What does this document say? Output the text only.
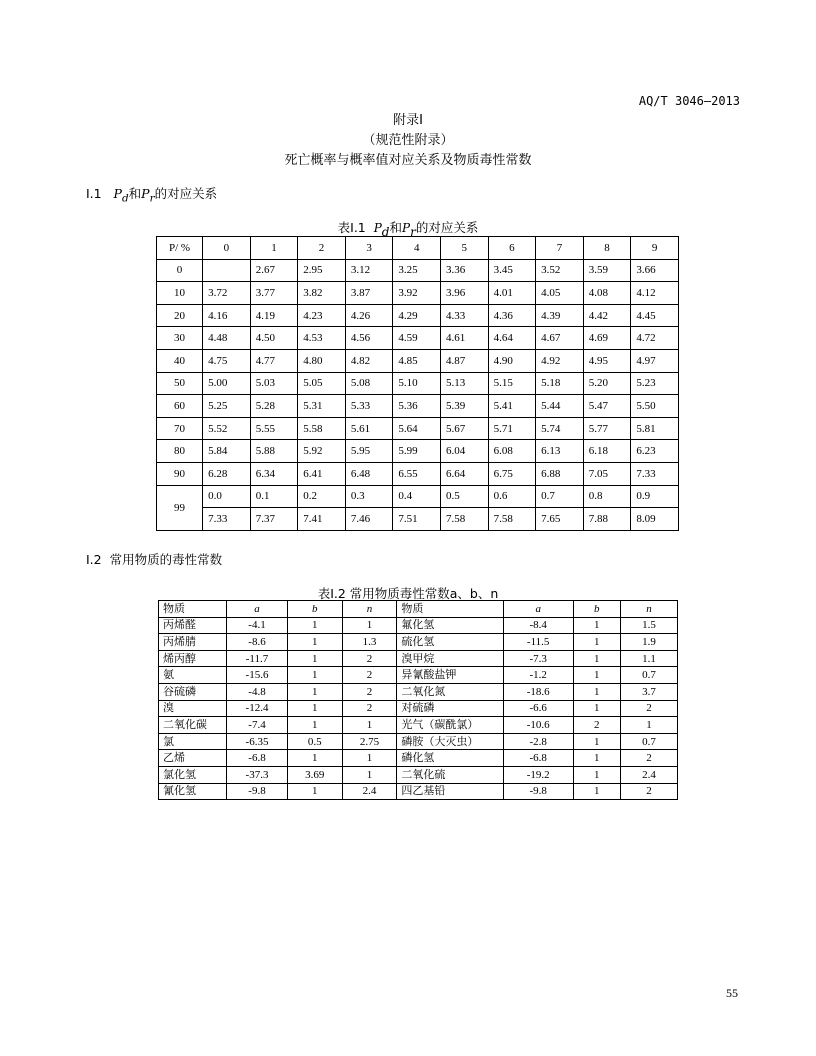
AQ/T 3046—2013
附录I
（规范性附录）
死亡概率与概率值对应关系及物质毒性常数
I.1 $P_d$和$P_r$的对应关系
表I.1 $P_d$和$P_r$的对应关系
P/ %	0	1	2	3	4	5	6	7	8	9
0		2.67	2.95	3.12	3.25	3.36	3.45	3.52	3.59	3.66
10	3.72	3.77	3.82	3.87	3.92	3.96	4.01	4.05	4.08	4.12
20	4.16	4.19	4.23	4.26	4.29	4.33	4.36	4.39	4.42	4.45
30	4.48	4.50	4.53	4.56	4.59	4.61	4.64	4.67	4.69	4.72
40	4.75	4.77	4.80	4.82	4.85	4.87	4.90	4.92	4.95	4.97
50	5.00	5.03	5.05	5.08	5.10	5.13	5.15	5.18	5.20	5.23
60	5.25	5.28	5.31	5.33	5.36	5.39	5.41	5.44	5.47	5.50
70	5.52	5.55	5.58	5.61	5.64	5.67	5.71	5.74	5.77	5.81
80	5.84	5.88	5.92	5.95	5.99	6.04	6.08	6.13	6.18	6.23
90	6.28	6.34	6.41	6.48	6.55	6.64	6.75	6.88	7.05	7.33
99	0.0	0.1	0.2	0.3	0.4	0.5	0.6	0.7	0.8	0.9
	7.33	7.37	7.41	7.46	7.51	7.58	7.58	7.65	7.88	8.09
I.2 常用物质的毒性常数
表I.2 常用物质毒性常数a、b、n
物质	a	b	n	物质	a	b	n
丙烯醛	-4.1	1	1	氟化氢	-8.4	1	1.5
丙烯腈	-8.6	1	1.3	硫化氢	-11.5	1	1.9
烯丙醇	-11.7	1	2	溴甲烷	-7.3	1	1.1
氨	-15.6	1	2	异氰酸盐钾	-1.2	1	0.7
谷硫磷	-4.8	1	2	二氧化氮	-18.6	1	3.7
溴	-12.4	1	2	对硫磷	-6.6	1	2
二氧化碳	-7.4	1	1	光气（碳酰氯）	-10.6	2	1
氯	-6.35	0.5	2.75	磷胺（大灭虫）	-2.8	1	0.7
乙烯	-6.8	1	1	磷化氢	-6.8	1	2
氯化氢	-37.3	3.69	1	二氧化硫	-19.2	1	2.4
氰化氢	-9.8	1	2.4	四乙基铅	-9.8	1	2
55
